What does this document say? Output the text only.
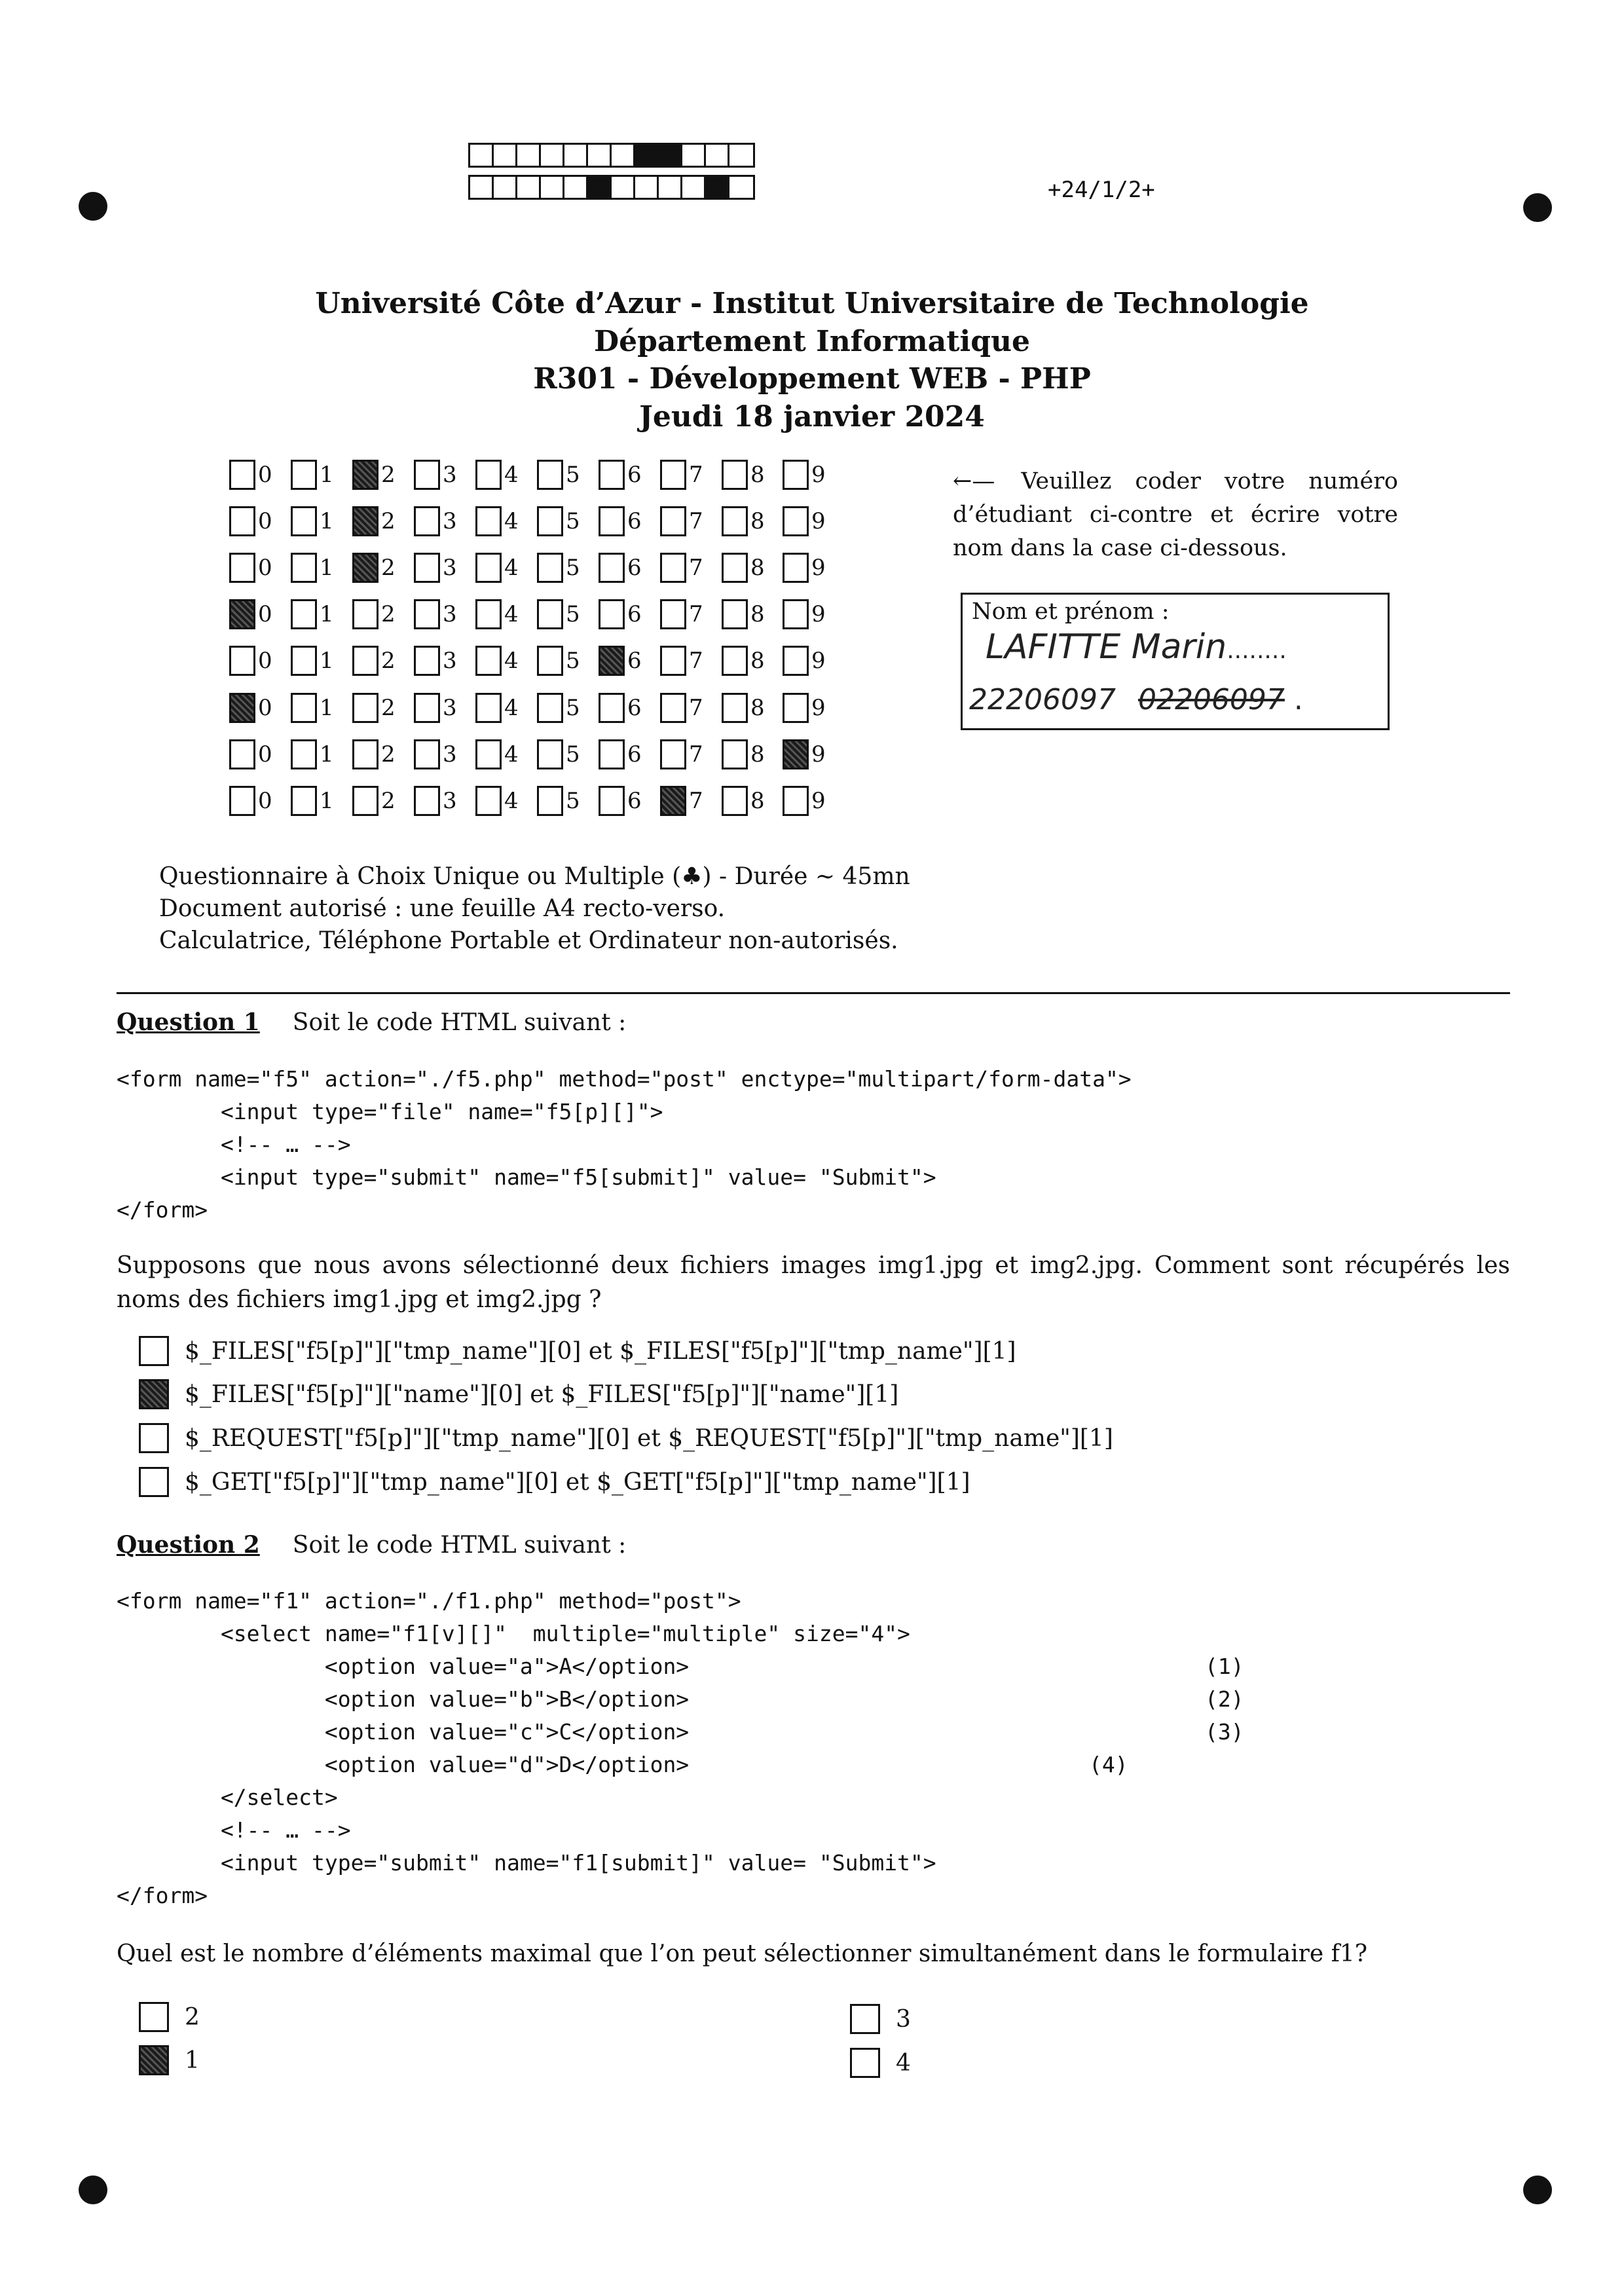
+24/1/2+
Université Côte d’Azur - Institut Universitaire de Technologie
Département Informatique
R301 - Développement WEB - PHP
Jeudi 18 janvier 2024
0 1 2 3 4 5 6 7 8 9
0 1 2 3 4 5 6 7 8 9
0 1 2 3 4 5 6 7 8 9
0 1 2 3 4 5 6 7 8 9
0 1 2 3 4 5 6 7 8 9
0 1 2 3 4 5 6 7 8 9
0 1 2 3 4 5 6 7 8 9
0 1 2 3 4 5 6 7 8 9
←— Veuillez coder votre numéro d’étudiant ci-contre et écrire votre nom dans la case ci-dessous.
Nom et prénom :
LAFITTE Marin........
22206097 02206097 .
Questionnaire à Choix Unique ou Multiple (♣) - Durée ∼ 45mn
Document autorisé : une feuille A4 recto-verso.
Calculatrice, Téléphone Portable et Ordinateur non-autorisés.
Question 1 Soit le code HTML suivant :
<form name="f5" action="./f5.php" method="post" enctype="multipart/form-data">
<input type="file" name="f5[p][]">
<!-- … -->
<input type="submit" name="f5[submit]" value= "Submit">
</form>
Supposons que nous avons sélectionné deux fichiers images img1.jpg et img2.jpg. Comment sont récupérés les noms des fichiers img1.jpg et img2.jpg ?
$_FILES["f5[p]"]["tmp_name"][0] et $_FILES["f5[p]"]["tmp_name"][1]
$_FILES["f5[p]"]["name"][0] et $_FILES["f5[p]"]["name"][1]
$_REQUEST["f5[p]"]["tmp_name"][0] et $_REQUEST["f5[p]"]["tmp_name"][1]
$_GET["f5[p]"]["tmp_name"][0] et $_GET["f5[p]"]["tmp_name"][1]
Question 2 Soit le code HTML suivant :
<form name="f1" action="./f1.php" method="post">
<select name="f1[v][]"  multiple="multiple" size="4">
<option value="a">A</option>
<option value="b">B</option>
<option value="c">C</option>
<option value="d">D</option>
</select>
<!-- … -->
<input type="submit" name="f1[submit]" value= "Submit">
</form>
(1)
(2)
(3)
(4)
Quel est le nombre d’éléments maximal que l’on peut sélectionner simultanément dans le formulaire f1?
2	3
1	4
